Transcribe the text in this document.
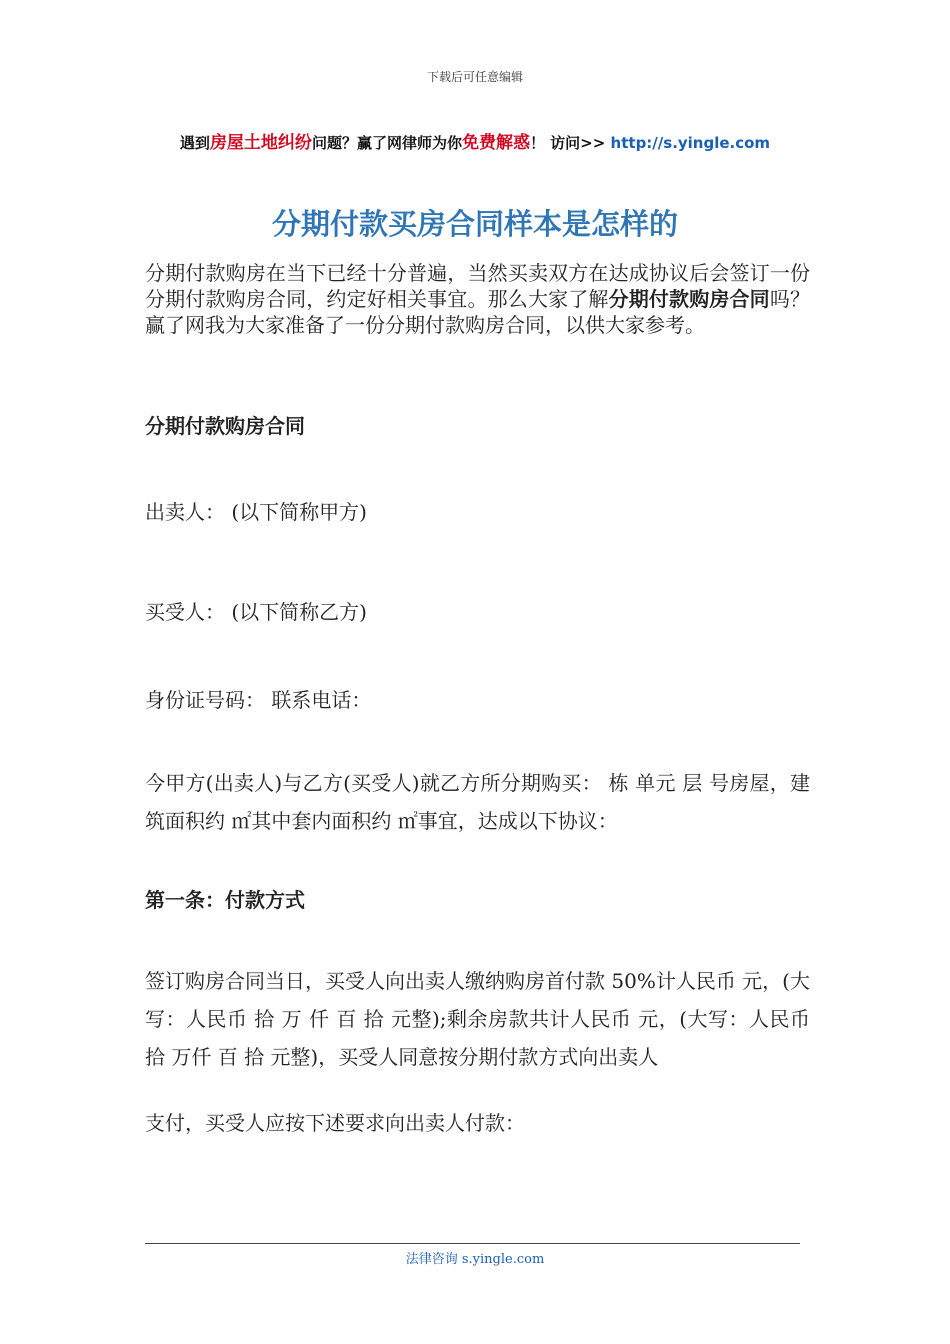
下载后可任意编辑
遇到房屋土地纠纷问题？赢了网律师为你免费解惑！ 访问>> http://s.yingle.com
分期付款买房合同样本是怎样的
分期付款购房在当下已经十分普遍，当然买卖双方在达成协议后会签订一份分期付款购房合同，约定好相关事宜。那么大家了解分期付款购房合同吗？赢了网我为大家准备了一份分期付款购房合同，以供大家参考。
分期付款购房合同
出卖人： (以下简称甲方)
买受人： (以下简称乙方)
身份证号码： 联系电话：
今甲方(出卖人)与乙方(买受人)就乙方所分期购买： 栋 单元 层 号房屋，建筑面积约 ㎡其中套内面积约 ㎡事宜，达成以下协议：
第一条：付款方式
签订购房合同当日，买受人向出卖人缴纳购房首付款 50%计人民币 元，(大写：人民币 拾 万 仟 百 拾 元整);剩余房款共计人民币 元，(大写：人民币 拾 万仟 百 拾 元整)，买受人同意按分期付款方式向出卖人
支付，买受人应按下述要求向出卖人付款：
法律咨询 s.yingle.com
